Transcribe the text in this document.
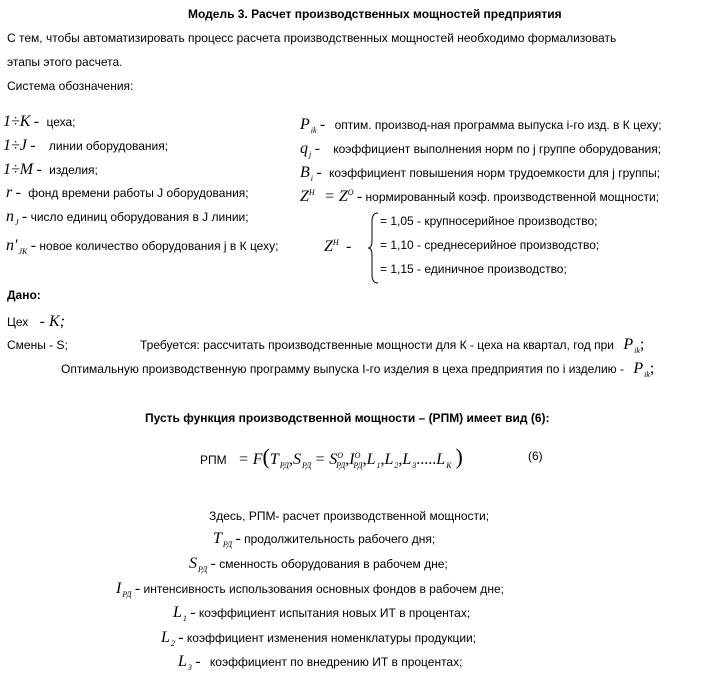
Модель 3. Расчет производственных мощностей предприятия
С тем, чтобы автоматизировать процесс расчета производственных мощностей необходимо формализовать
этапы этого расчета.
Система обозначения:
1÷K - цеха;
1÷J - линии оборудования;
1÷M - изделия;
r - фонд времени работы J оборудования;
$n_J$ - число единиц оборудования в J линии;
$n'_{JK}$ - новое количество оборудования j в К цеху;
$P_{ik}$ - оптим. производ-ная программа выпуска i-го изд. в К цеху;
$q_j$ - коэффициент выполнения норм по j группе оборудования;
$B_i$ - коэффициент повышения норм трудоемкости для j группы;
$Z^H = Z^O$ - нормированный коэф. производственной мощности;
$Z^H$ -
= 1,05 - крупносерийное производство;
= 1,10 - среднесерийное производство;
= 1,15 - единичное производство;
Дано:
Цех - K;
Смены - S;	Требуется: рассчитать производственные мощности для К - цеха на квартал, год при $P_{ik}$;
Оптимальную производственную программу выпуска I-го изделия в цеха предприятия по i изделию - $P_{ik}$;
Пусть функция производственной мощности – (РПМ) имеет вид (6):
РПМ = $F(T_{РД},S_{РД} = S^O_{РД},I^O_{РД},L_1,L_2,L_3.....L_K$ )	(6)
Здесь, РПМ- расчет производственной мощности;
$T_{РД}$ - продолжительность рабочего дня;
$S_{РД}$ - сменность оборудования в рабочем дне;
$I_{РД}$ - интенсивность использования основных фондов в рабочем дне;
$L_1$ - коэффициент испытания новых ИТ в процентах;
$L_2$ - коэффициент изменения номенклатуры продукции;
$L_3$ - коэффициент по внедрению ИТ в процентах;
